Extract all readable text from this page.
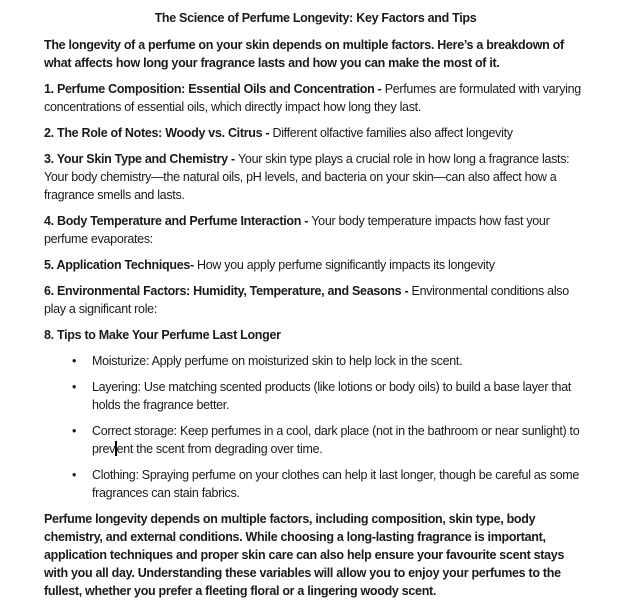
The Science of Perfume Longevity: Key Factors and Tips

The longevity of a perfume on your skin depends on multiple factors. Here’s a breakdown of what affects how long your fragrance lasts and how you can make the most of it.

1. Perfume Composition: Essential Oils and Concentration - Perfumes are formulated with varying concentrations of essential oils, which directly impact how long they last.

2. The Role of Notes: Woody vs. Citrus - Different olfactive families also affect longevity

3. Your Skin Type and Chemistry - Your skin type plays a crucial role in how long a fragrance lasts: Your body chemistry—the natural oils, pH levels, and bacteria on your skin—can also affect how a fragrance smells and lasts.

4. Body Temperature and Perfume Interaction - Your body temperature impacts how fast your perfume evaporates:

5. Application Techniques- How you apply perfume significantly impacts its longevity

6. Environmental Factors: Humidity, Temperature, and Seasons - Environmental conditions also play a significant role:

8. Tips to Make Your Perfume Last Longer
•	Moisturize: Apply perfume on moisturized skin to help lock in the scent.
•	Layering: Use matching scented products (like lotions or body oils) to build a base layer that holds the fragrance better.
•	Correct storage: Keep perfumes in a cool, dark place (not in the bathroom or near sunlight) to prev ent the scent from degrading over time.
•	Clothing: Spraying perfume on your clothes can help it last longer, though be careful as some fragrances can stain fabrics.

Perfume longevity depends on multiple factors, including composition, skin type, body chemistry, and external conditions. While choosing a long-lasting fragrance is important, application techniques and proper skin care can also help ensure your favourite scent stays with you all day. Understanding these variables will allow you to enjoy your perfumes to the fullest, whether you prefer a fleeting floral or a lingering woody scent.
